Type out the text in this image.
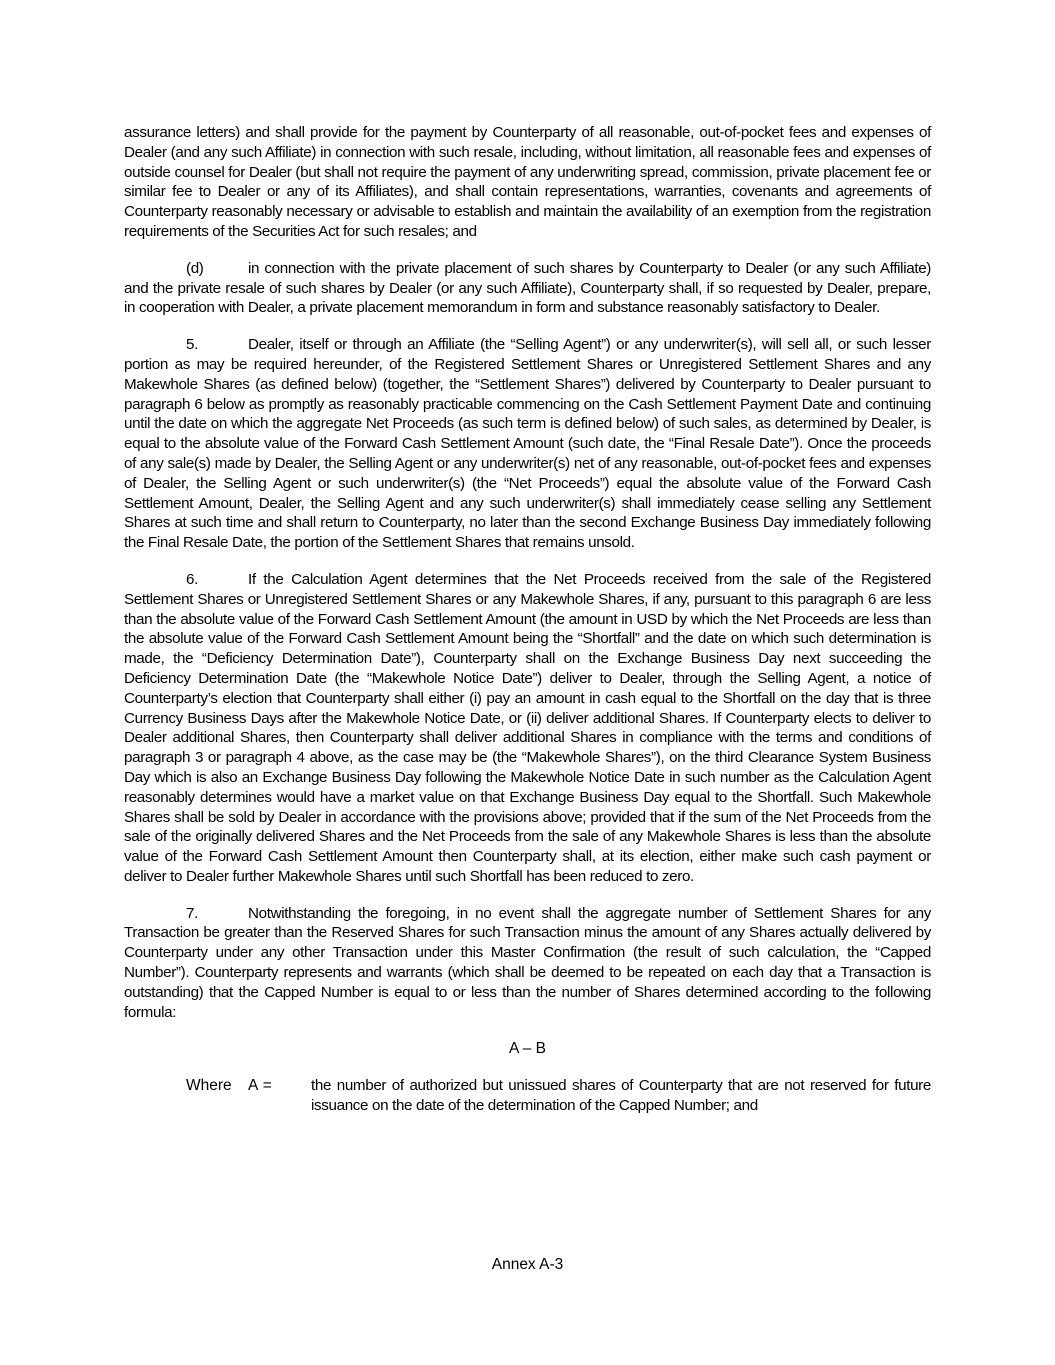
assurance letters) and shall provide for the payment by Counterparty of all reasonable, out-of-pocket fees and expenses of Dealer (and any such Affiliate) in connection with such resale, including, without limitation, all reasonable fees and expenses of outside counsel for Dealer (but shall not require the payment of any underwriting spread, commission, private placement fee or similar fee to Dealer or any of its Affiliates), and shall contain representations, warranties, covenants and agreements of Counterparty reasonably necessary or advisable to establish and maintain the availability of an exemption from the registration requirements of the Securities Act for such resales; and

(d)	in connection with the private placement of such shares by Counterparty to Dealer (or any such Affiliate) and the private resale of such shares by Dealer (or any such Affiliate), Counterparty shall, if so requested by Dealer, prepare, in cooperation with Dealer, a private placement memorandum in form and substance reasonably satisfactory to Dealer.

5.	Dealer, itself or through an Affiliate (the “Selling Agent”) or any underwriter(s), will sell all, or such lesser portion as may be required hereunder, of the Registered Settlement Shares or Unregistered Settlement Shares and any Makewhole Shares (as defined below) (together, the “Settlement Shares”) delivered by Counterparty to Dealer pursuant to paragraph 6 below as promptly as reasonably practicable commencing on the Cash Settlement Payment Date and continuing until the date on which the aggregate Net Proceeds (as such term is defined below) of such sales, as determined by Dealer, is equal to the absolute value of the Forward Cash Settlement Amount (such date, the “Final Resale Date”). Once the proceeds of any sale(s) made by Dealer, the Selling Agent or any underwriter(s) net of any reasonable, out-of-pocket fees and expenses of Dealer, the Selling Agent or such underwriter(s) (the “Net Proceeds”) equal the absolute value of the Forward Cash Settlement Amount, Dealer, the Selling Agent and any such underwriter(s) shall immediately cease selling any Settlement Shares at such time and shall return to Counterparty, no later than the second Exchange Business Day immediately following the Final Resale Date, the portion of the Settlement Shares that remains unsold.

6.	If the Calculation Agent determines that the Net Proceeds received from the sale of the Registered Settlement Shares or Unregistered Settlement Shares or any Makewhole Shares, if any, pursuant to this paragraph 6 are less than the absolute value of the Forward Cash Settlement Amount (the amount in USD by which the Net Proceeds are less than the absolute value of the Forward Cash Settlement Amount being the “Shortfall” and the date on which such determination is made, the “Deficiency Determination Date”), Counterparty shall on the Exchange Business Day next succeeding the Deficiency Determination Date (the “Makewhole Notice Date”) deliver to Dealer, through the Selling Agent, a notice of Counterparty’s election that Counterparty shall either (i) pay an amount in cash equal to the Shortfall on the day that is three Currency Business Days after the Makewhole Notice Date, or (ii) deliver additional Shares. If Counterparty elects to deliver to Dealer additional Shares, then Counterparty shall deliver additional Shares in compliance with the terms and conditions of paragraph 3 or paragraph 4 above, as the case may be (the “Makewhole Shares”), on the third Clearance System Business Day which is also an Exchange Business Day following the Makewhole Notice Date in such number as the Calculation Agent reasonably determines would have a market value on that Exchange Business Day equal to the Shortfall. Such Makewhole Shares shall be sold by Dealer in accordance with the provisions above; provided that if the sum of the Net Proceeds from the sale of the originally delivered Shares and the Net Proceeds from the sale of any Makewhole Shares is less than the absolute value of the Forward Cash Settlement Amount then Counterparty shall, at its election, either make such cash payment or deliver to Dealer further Makewhole Shares until such Shortfall has been reduced to zero.

7.	Notwithstanding the foregoing, in no event shall the aggregate number of Settlement Shares for any Transaction be greater than the Reserved Shares for such Transaction minus the amount of any Shares actually delivered by Counterparty under any other Transaction under this Master Confirmation (the result of such calculation, the “Capped Number”). Counterparty represents and warrants (which shall be deemed to be repeated on each day that a Transaction is outstanding) that the Capped Number is equal to or less than the number of Shares determined according to the following formula:

A – B

Where A =	the number of authorized but unissued shares of Counterparty that are not reserved for future issuance on the date of the determination of the Capped Number; and

Annex A-3
